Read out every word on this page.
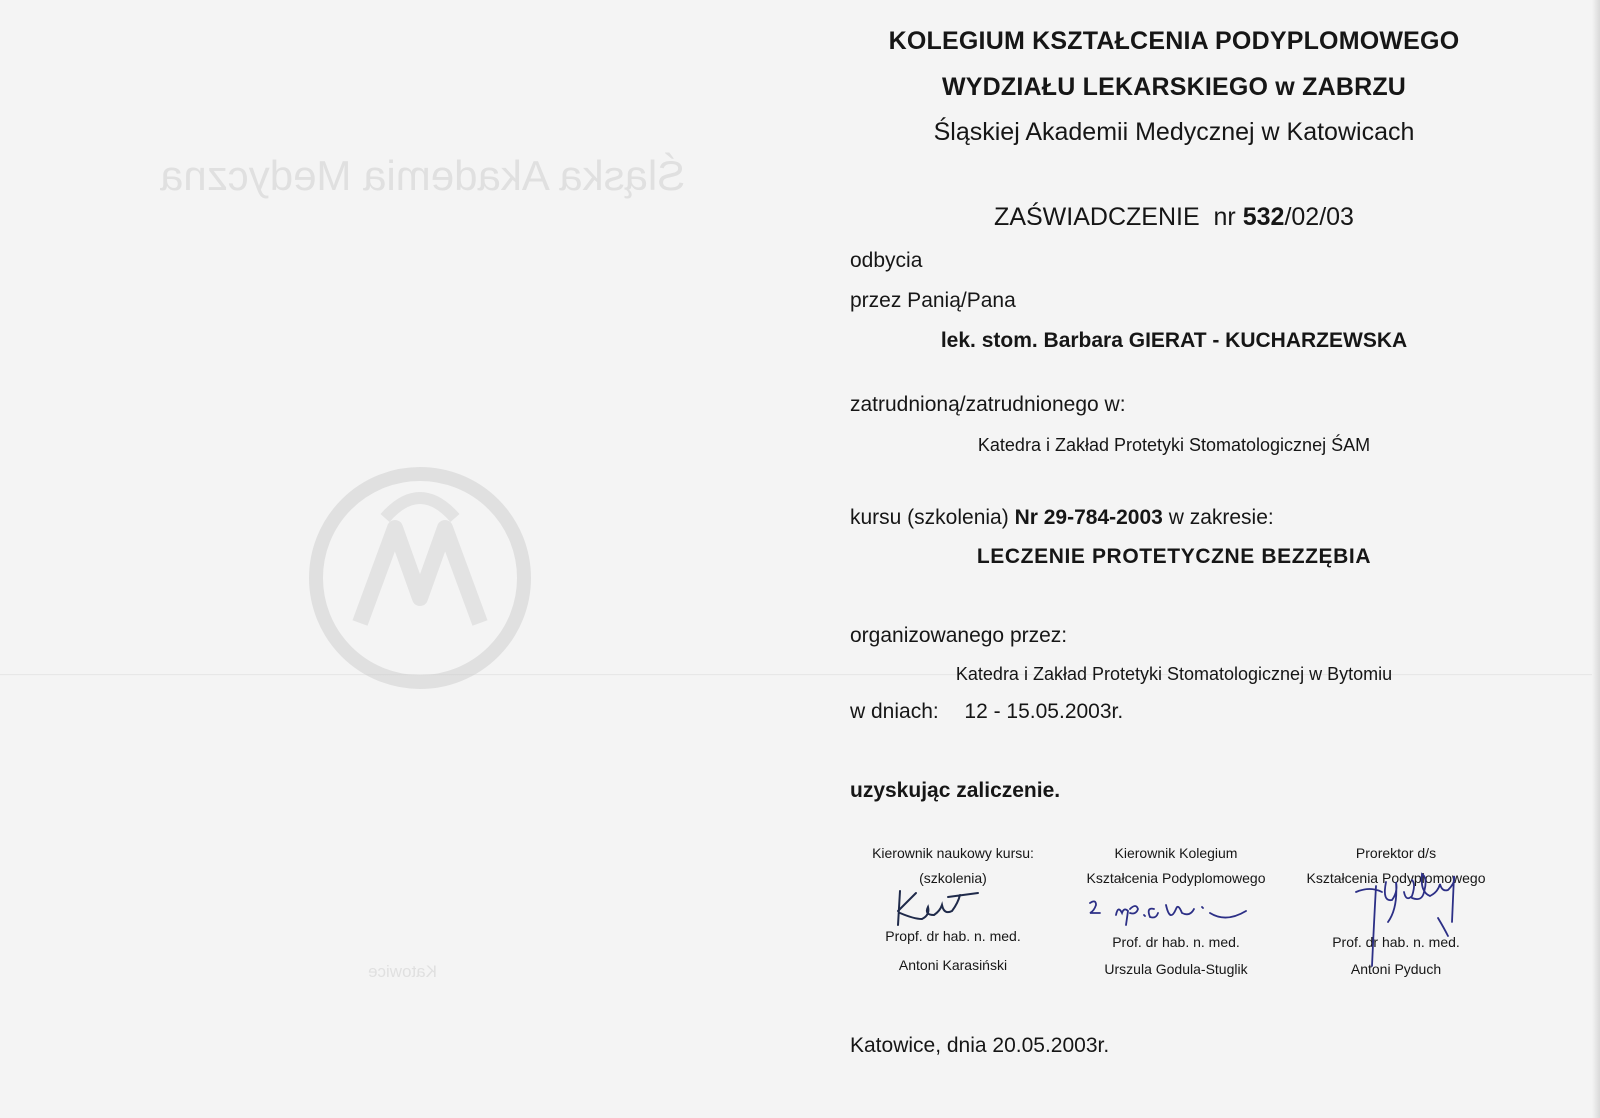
Śląska Akademia Medyczna
Katowice
KOLEGIUM KSZTAŁCENIA PODYPLOMOWEGO
WYDZIAŁU LEKARSKIEGO w ZABRZU
Śląskiej Akademii Medycznej w Katowicach
ZAŚWIADCZENIE nr 532/02/03
odbycia
przez Panią/Pana
lek. stom. Barbara GIERAT - KUCHARZEWSKA
zatrudnioną/zatrudnionego w:
Katedra i Zakład Protetyki Stomatologicznej ŚAM
kursu (szkolenia) Nr 29-784-2003 w zakresie:
LECZENIE PROTETYCZNE BEZZĘBIA
organizowanego przez:
Katedra i Zakład Protetyki Stomatologicznej w Bytomiu
w dniach: 12 - 15.05.2003r.
uzyskując zaliczenie.
Kierownik naukowy kursu:
(szkolenia)
Propf. dr hab. n. med.
Antoni Karasiński
Kierownik Kolegium
Kształcenia Podyplomowego
Prof. dr hab. n. med.
Urszula Godula-Stuglik
Prorektor d/s
Kształcenia Podyplomowego
Prof. dr hab. n. med.
Antoni Pyduch
Katowice, dnia 20.05.2003r.
